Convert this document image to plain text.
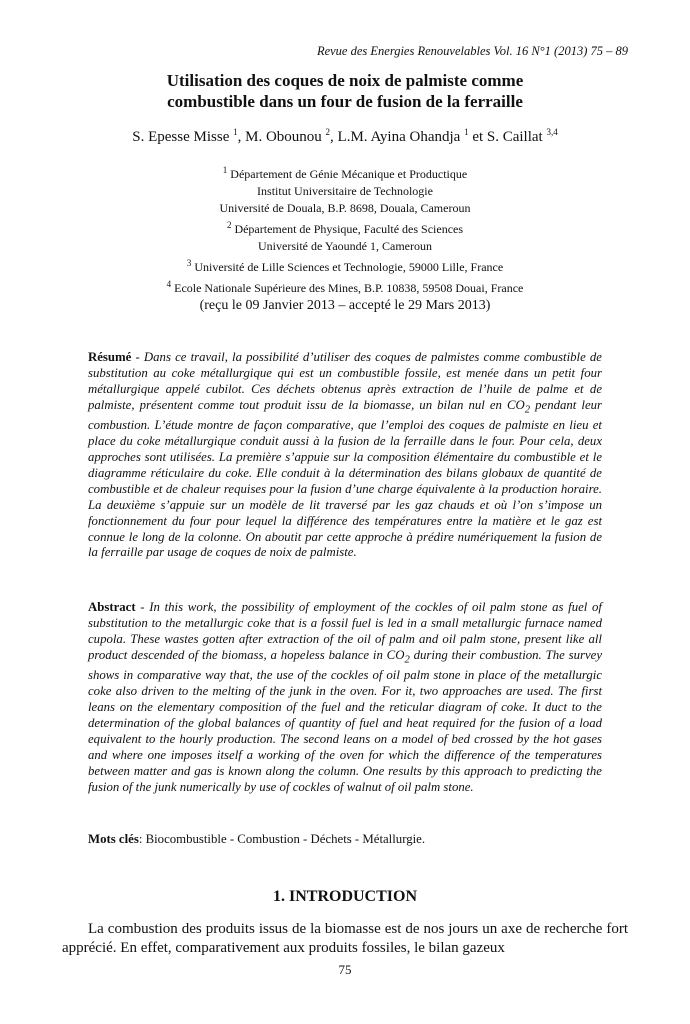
Revue des Energies Renouvelables Vol. 16 N°1 (2013) 75 – 89
Utilisation des coques de noix de palmiste comme
combustible dans un four de fusion de la ferraille
S. Epesse Misse $^1$, M. Obounou $^2$, L.M. Ayina Ohandja $^1$ et S. Caillat $^{3,4}$
$^1$ Département de Génie Mécanique et Productique
Institut Universitaire de Technologie
Université de Douala, B.P. 8698, Douala, Cameroun
$^2$ Département de Physique, Faculté des Sciences
Université de Yaoundé 1, Cameroun
$^3$ Université de Lille Sciences et Technologie, 59000 Lille, France
$^4$ Ecole Nationale Supérieure des Mines, B.P. 10838, 59508 Douai, France
(reçu le 09 Janvier 2013 – accepté le 29 Mars 2013)
Résumé - Dans ce travail, la possibilité d’utiliser des coques de palmistes comme combustible de substitution au coke métallurgique qui est un combustible fossile, est menée dans un petit four métallurgique appelé cubilot. Ces déchets obtenus après extraction de l’huile de palme et de palmiste, présentent comme tout produit issu de la biomasse, un bilan nul en $CO_2$ pendant leur combustion. L’étude montre de façon comparative, que l’emploi des coques de palmiste en lieu et place du coke métallurgique conduit aussi à la fusion de la ferraille dans le four. Pour cela, deux approches sont utilisées. La première s’appuie sur la composition élémentaire du combustible et le diagramme réticulaire du coke. Elle conduit à la détermination des bilans globaux de quantité de combustible et de chaleur requises pour la fusion d’une charge équivalente à la production horaire. La deuxième s’appuie sur un modèle de lit traversé par les gaz chauds et où l’on s’impose un fonctionnement du four pour lequel la différence des températures entre la matière et le gaz est connue le long de la colonne. On aboutit par cette approche à prédire numériquement la fusion de la ferraille par usage de coques de noix de palmiste.
Abstract - In this work, the possibility of employment of the cockles of oil palm stone as fuel of substitution to the metallurgic coke that is a fossil fuel is led in a small metallurgic furnace named cupola. These wastes gotten after extraction of the oil of palm and oil palm stone, present like all product descended of the biomass, a hopeless balance in $CO_2$ during their combustion. The survey shows in comparative way that, the use of the cockles of oil palm stone in place of the metallurgic coke also driven to the melting of the junk in the oven. For it, two approaches are used. The first leans on the elementary composition of the fuel and the reticular diagram of coke. It duct to the determination of the global balances of quantity of fuel and heat required for the fusion of a load equivalent to the hourly production. The second leans on a model of bed crossed by the hot gases and where one imposes itself a working of the oven for which the difference of the temperatures between matter and gas is known along the column. One results by this approach to predicting the fusion of the junk numerically by use of cockles of walnut of oil palm stone.
Mots clés: Biocombustible - Combustion - Déchets - Métallurgie.
1. INTRODUCTION
La combustion des produits issus de la biomasse est de nos jours un axe de recherche fort apprécié. En effet, comparativement aux produits fossiles, le bilan gazeux
75
